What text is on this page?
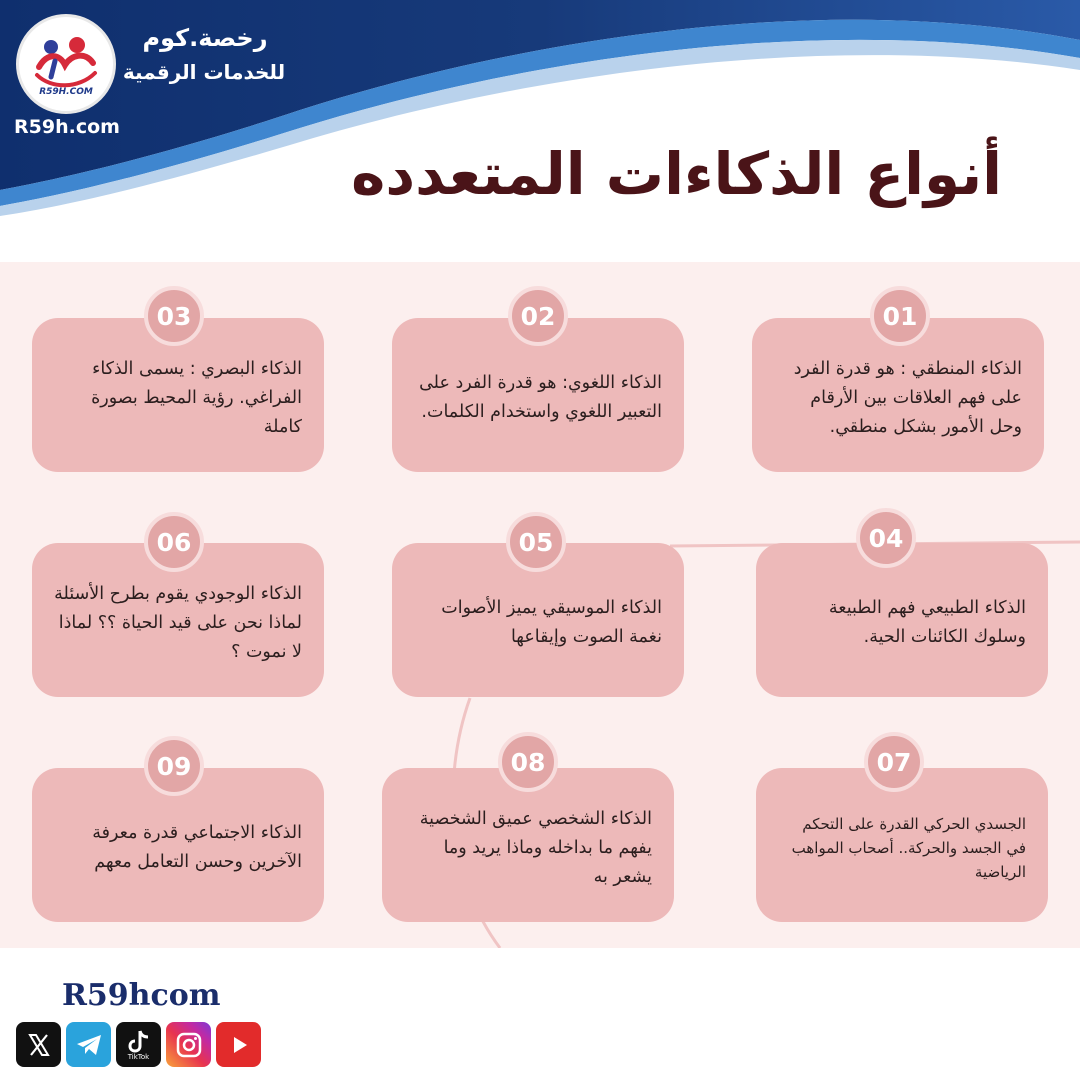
R59H.COM
رخصة.كوم
للخدمات الرقمية
R59h.com
أنواع الذكاءات المتعدده
الذكاء المنطقي : هو قدرة الفرد على فهم العلاقات بين الأرقام وحل الأمور بشكل منطقي.
01
الذكاء اللغوي: هو قدرة الفرد على التعبير اللغوي واستخدام الكلمات.
02
الذكاء البصري : يسمى الذكاء الفراغي. رؤية المحيط بصورة كاملة
03
الذكاء الطبيعي فهم الطبيعة وسلوك الكائنات الحية.
04
الذكاء الموسيقي يميز الأصوات نغمة الصوت وإيقاعها
05
الذكاء الوجودي يقوم بطرح الأسئلة لماذا نحن على قيد الحياة ؟؟ لماذا لا نموت ؟
06
الجسدي الحركي القدرة على التحكم في الجسد والحركة.. أصحاب المواهب الرياضية
07
الذكاء الشخصي عميق الشخصية يفهم ما بداخله وماذا يريد وما يشعر به
08
الذكاء الاجتماعي قدرة معرفة الآخرين وحسن التعامل معهم
09
R59hcom
TikTok
